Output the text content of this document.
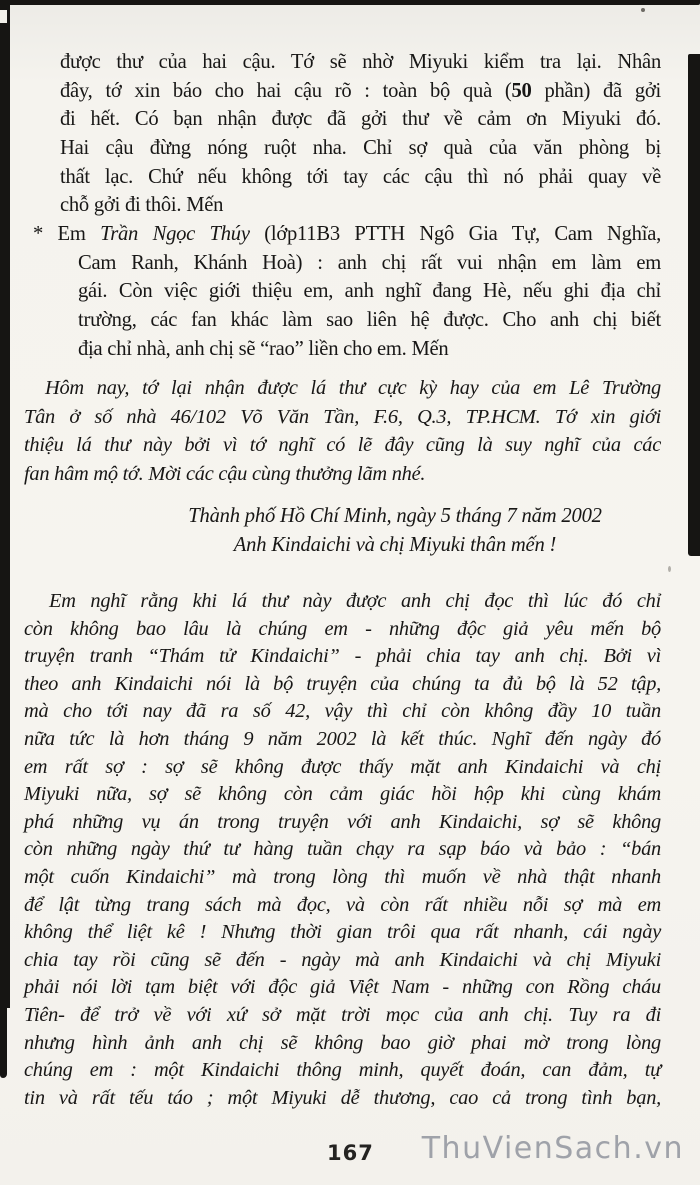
được thư của hai cậu. Tớ sẽ nhờ Miyuki kiểm tra lại. Nhân
đây, tớ xin báo cho hai cậu rõ : toàn bộ quà (50 phần) đã gởi
đi hết. Có bạn nhận được đã gởi thư về cảm ơn Miyuki đó.
Hai cậu đừng nóng ruột nha. Chỉ sợ quà của văn phòng bị
thất lạc. Chứ nếu không tới tay các cậu thì nó phải quay về
chỗ gởi đi thôi. Mến
* Em Trần Ngọc Thúy (lớp11B3 PTTH Ngô Gia Tự, Cam Nghĩa,
Cam Ranh, Khánh Hoà) : anh chị rất vui nhận em làm em
gái. Còn việc giới thiệu em, anh nghĩ đang Hè, nếu ghi địa chỉ
trường, các fan khác làm sao liên hệ được. Cho anh chị biết
địa chỉ nhà, anh chị sẽ “rao” liền cho em. Mến
Hôm nay, tớ lại nhận được lá thư cực kỳ hay của em Lê Trường
Tân ở số nhà 46/102 Võ Văn Tần, F.6, Q.3, TP.HCM. Tớ xin giới
thiệu lá thư này bởi vì tớ nghĩ có lẽ đây cũng là suy nghĩ của các
fan hâm mộ tớ. Mời các cậu cùng thưởng lãm nhé.
Thành phố Hồ Chí Minh, ngày 5 tháng 7 năm 2002
Anh Kindaichi và chị Miyuki thân mến !
Em nghĩ rằng khi lá thư này được anh chị đọc thì lúc đó chỉ
còn không bao lâu là chúng em - những độc giả yêu mến bộ
truyện tranh “Thám tử Kindaichi” - phải chia tay anh chị. Bởi vì
theo anh Kindaichi nói là bộ truyện của chúng ta đủ bộ là 52 tập,
mà cho tới nay đã ra số 42, vậy thì chỉ còn không đầy 10 tuần
nữa tức là hơn tháng 9 năm 2002 là kết thúc. Nghĩ đến ngày đó
em rất sợ : sợ sẽ không được thấy mặt anh Kindaichi và chị
Miyuki nữa, sợ sẽ không còn cảm giác hồi hộp khi cùng khám
phá những vụ án trong truyện với anh Kindaichi, sợ sẽ không
còn những ngày thứ tư hàng tuần chạy ra sạp báo và bảo : “bán
một cuốn Kindaichi” mà trong lòng thì muốn về nhà thật nhanh
để lật từng trang sách mà đọc, và còn rất nhiều nỗi sợ mà em
không thể liệt kê ! Nhưng thời gian trôi qua rất nhanh, cái ngày
chia tay rồi cũng sẽ đến - ngày mà anh Kindaichi và chị Miyuki
phải nói lời tạm biệt với độc giả Việt Nam - những con Rồng cháu
Tiên- để trở về với xứ sở mặt trời mọc của anh chị. Tuy ra đi
nhưng hình ảnh anh chị sẽ không bao giờ phai mờ trong lòng
chúng em : một Kindaichi thông minh, quyết đoán, can đảm, tự
tin và rất tếu táo ; một Miyuki dễ thương, cao cả trong tình bạn,
167 ThuVienSach.vn
